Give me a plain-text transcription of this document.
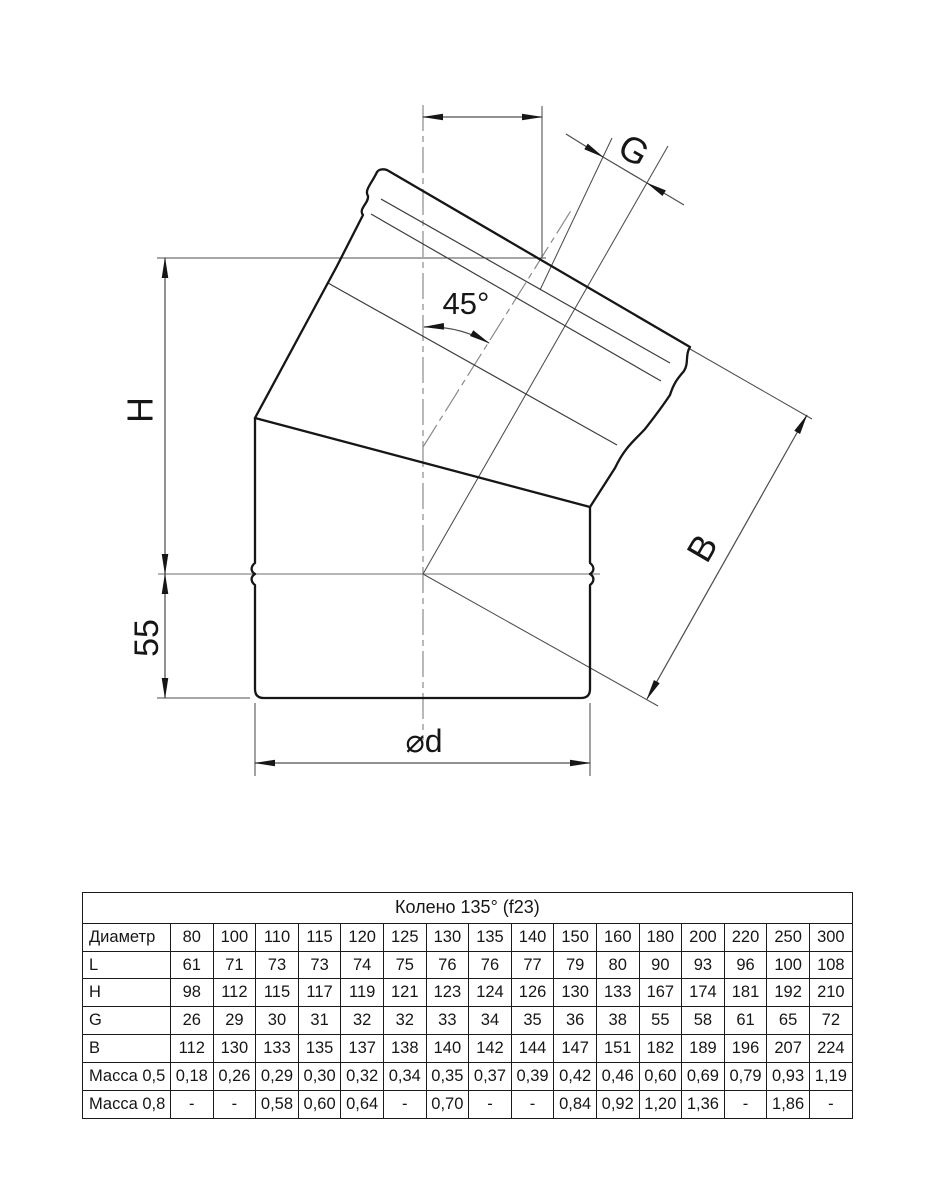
H
55
⌀d
45°
G
B
Колено 135° (f23)																
Диаметр	80	100	110	115	120	125	130	135	140	150	160	180	200	220	250	300
L	61	71	73	73	74	75	76	76	77	79	80	90	93	96	100	108
H	98	112	115	117	119	121	123	124	126	130	133	167	174	181	192	210
G	26	29	30	31	32	32	33	34	35	36	38	55	58	61	65	72
B	112	130	133	135	137	138	140	142	144	147	151	182	189	196	207	224
Масса 0,5	0,18	0,26	0,29	0,30	0,32	0,34	0,35	0,37	0,39	0,42	0,46	0,60	0,69	0,79	0,93	1,19
Масса 0,8	-	-	0,58	0,60	0,64	-	0,70	-	-	0,84	0,92	1,20	1,36	-	1,86	-
